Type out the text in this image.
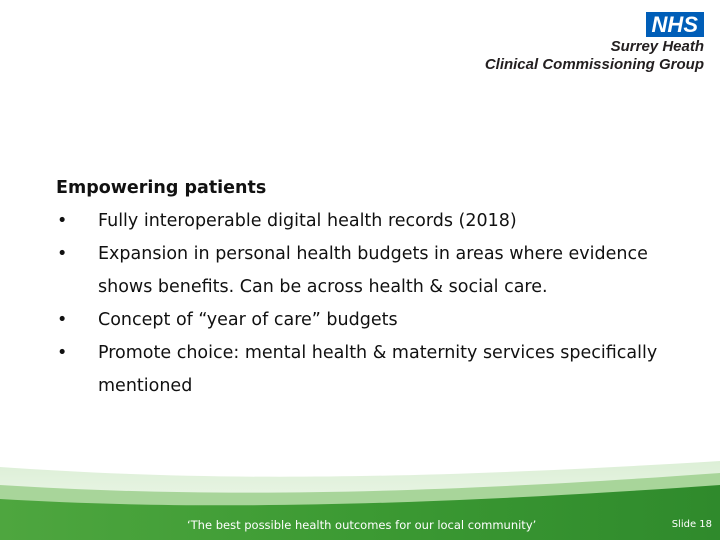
NHS
Surrey Heath
Clinical Commissioning Group
Empowering patients
•	Fully interoperable digital health records (2018)
•	Expansion in personal health budgets in areas where evidence shows benefits. Can be across health & social care.
•	Concept of “year of care” budgets
•	Promote choice: mental health & maternity services specifically mentioned
‘The best possible health outcomes for our local community’	Slide 18
